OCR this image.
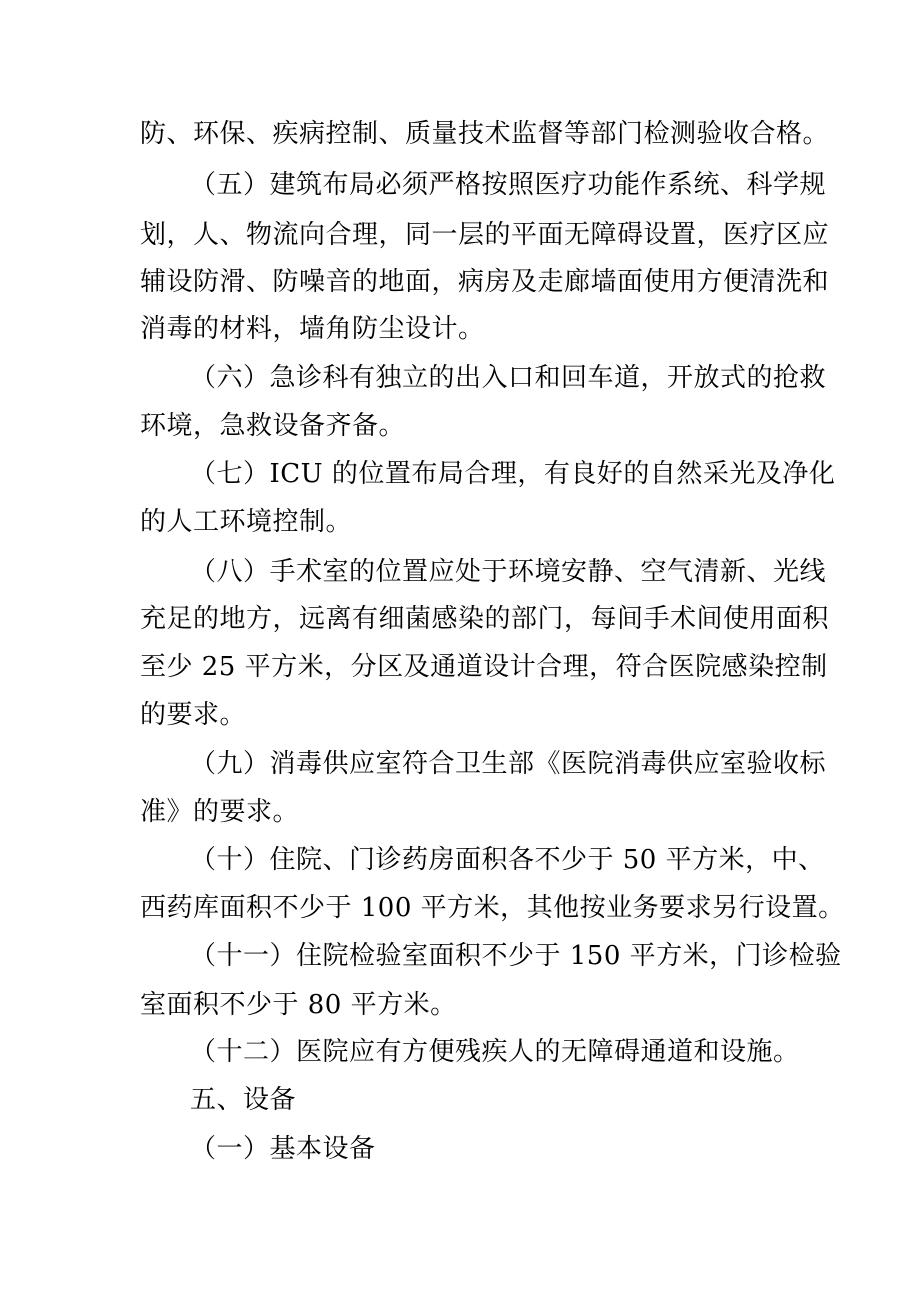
防、环保、疾病控制、质量技术监督等部门检测验收合格。
（五）建筑布局必须严格按照医疗功能作系统、科学规
划，人、物流向合理，同一层的平面无障碍设置，医疗区应
辅设防滑、防噪音的地面，病房及走廊墙面使用方便清洗和
消毒的材料，墙角防尘设计。
（六）急诊科有独立的出入口和回车道，开放式的抢救
环境，急救设备齐备。
（七）ICU 的位置布局合理，有良好的自然采光及净化
的人工环境控制。
（八）手术室的位置应处于环境安静、空气清新、光线
充足的地方，远离有细菌感染的部门，每间手术间使用面积
至少 25 平方米，分区及通道设计合理，符合医院感染控制
的要求。
（九）消毒供应室符合卫生部《医院消毒供应室验收标
准》的要求。
（十）住院、门诊药房面积各不少于 50 平方米，中、
西药库面积不少于 100 平方米，其他按业务要求另行设置。
（十一）住院检验室面积不少于 150 平方米，门诊检验
室面积不少于 80 平方米。
（十二）医院应有方便残疾人的无障碍通道和设施。
五、设备
（一）基本设备
